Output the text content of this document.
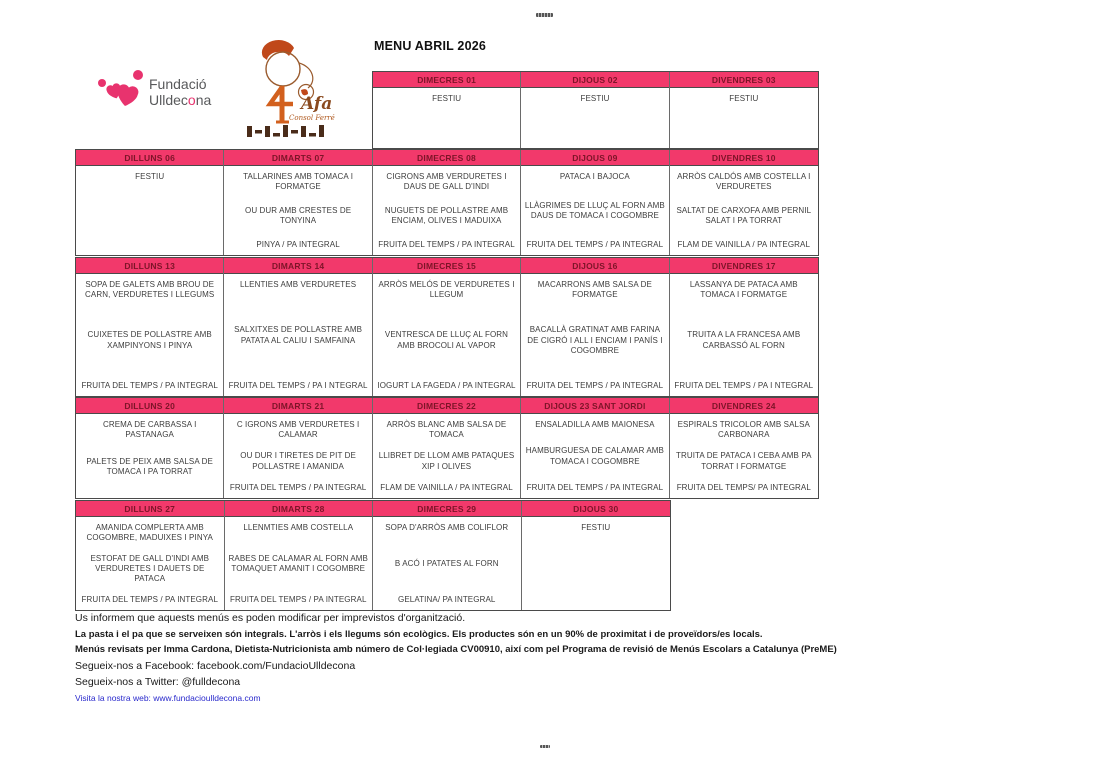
MENU ABRIL 2026
Fundació
Ulldecona	Afa
Consol Ferré
DIMECRES 01
FESTIU
DIJOUS 02
FESTIU
DIVENDRES 03
FESTIU
DILLUNS 06
FESTIU
DIMARTS 07
TALLARINES AMB TOMACA I FORMATGE
OU DUR AMB CRESTES DE TONYINA
PINYA / PA INTEGRAL
DIMECRES 08
CIGRONS AMB VERDURETES I DAUS DE GALL D'INDI
NUGUETS DE POLLASTRE AMB ENCIAM, OLIVES I MADUIXA
FRUITA DEL TEMPS / PA INTEGRAL
DIJOUS 09
PATACA I BAJOCA
LLÀGRIMES DE LLUÇ AL FORN AMB DAUS DE TOMACA I COGOMBRE
FRUITA DEL TEMPS / PA INTEGRAL
DIVENDRES 10
ARRÒS CALDÓS AMB COSTELLA I VERDURETES
SALTAT DE CARXOFA AMB PERNIL SALAT I PA TORRAT
FLAM DE VAINILLA / PA INTEGRAL
DILLUNS 13
SOPA DE GALETS AMB BROU DE CARN, VERDURETES I LLEGUMS
CUIXETES DE POLLASTRE AMB XAMPINYONS I PINYA
FRUITA DEL TEMPS / PA INTEGRAL
DIMARTS 14
LLENTIES AMB VERDURETES
SALXITXES DE POLLASTRE AMB PATATA AL CALIU I SAMFAINA
FRUITA DEL TEMPS / PA I NTEGRAL
DIMECRES 15
ARRÒS MELÓS DE VERDURETES I LLEGUM
VENTRESCA DE LLUÇ AL FORN AMB BROCOLI AL VAPOR
IOGURT LA FAGEDA / PA INTEGRAL
DIJOUS 16
MACARRONS AMB SALSA DE FORMATGE
BACALLÀ GRATINAT AMB FARINA DE CIGRÓ I ALL I ENCIAM I PANÍS I COGOMBRE
FRUITA DEL TEMPS / PA INTEGRAL
DIVENDRES 17
LASSANYA DE PATACA AMB TOMACA I FORMATGE
TRUITA A LA FRANCESA AMB CARBASSÓ AL FORN
FRUITA DEL TEMPS / PA I NTEGRAL
DILLUNS 20
CREMA DE CARBASSA I PASTANAGA
PALETS DE PEIX AMB SALSA DE TOMACA I PA TORRAT
DIMARTS 21
C IGRONS AMB VERDURETES I CALAMAR
OU DUR I TIRETES DE PIT DE POLLASTRE I AMANIDA
FRUITA DEL TEMPS / PA INTEGRAL
DIMECRES 22
ARRÒS BLANC AMB SALSA DE TOMACA
LLIBRET DE LLOM AMB PATAQUES XIP I OLIVES
FLAM DE VAINILLA / PA INTEGRAL
DIJOUS 23 SANT JORDI
ENSALADILLA AMB MAIONESA
HAMBURGUESA DE CALAMAR AMB TOMACA I COGOMBRE
FRUITA DEL TEMPS / PA INTEGRAL
DIVENDRES 24
ESPIRALS TRICOLOR AMB SALSA CARBONARA
TRUITA DE PATACA I CEBA AMB PA TORRAT I FORMATGE
FRUITA DEL TEMPS/ PA INTEGRAL
DILLUNS 27
AMANIDA COMPLERTA AMB COGOMBRE, MADUIXES I PINYA
ESTOFAT DE GALL D'INDI AMB VERDURETES I DAUETS DE PATACA
FRUITA DEL TEMPS / PA INTEGRAL
DIMARTS 28
LLENMTIES AMB COSTELLA
RABES DE CALAMAR AL FORN AMB TOMAQUET AMANIT I COGOMBRE
FRUITA DEL TEMPS / PA INTEGRAL
DIMECRES 29
SOPA D'ARRÒS AMB COLIFLOR
B ACÓ I PATATES AL FORN
GELATINA/ PA INTEGRAL
DIJOUS 30
FESTIU
Us informem que aquests menús es poden modificar per imprevistos d'organització.
La pasta i el pa que se serveixen són integrals. L'arròs i els llegums són ecològics. Els productes són en un 90% de proximitat i de proveïdors/es locals.
Menús revisats per Imma Cardona, Dietista-Nutricionista amb número de Col·legiada CV00910, així com pel Programa de revisió de Menús Escolars a Catalunya (PreME)
Segueix-nos a Facebook: facebook.com/FundacioUlldecona
Segueix-nos a Twitter: @fulldecona
Visita la nostra web: www.fundacioulldecona.com
